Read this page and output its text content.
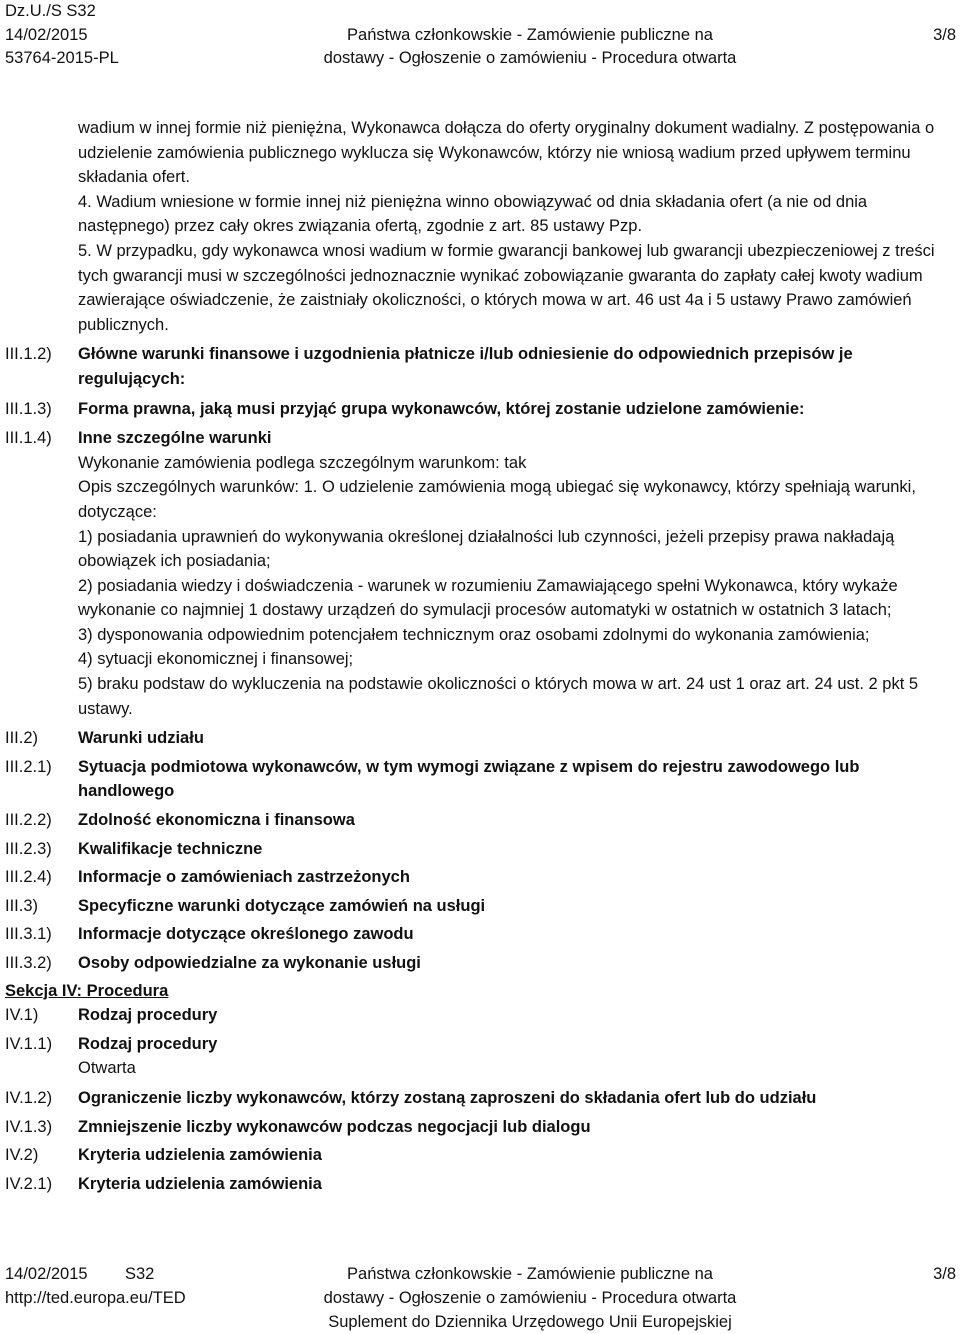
Dz.U./S S32
14/02/2015
53764-2015-PL
Państwa członkowskie - Zamówienie publiczne na
dostawy - Ogłoszenie o zamówieniu - Procedura otwarta
3/8
wadium w innej formie niż pieniężna, Wykonawca dołącza do oferty oryginalny dokument wadialny. Z postępowania o udzielenie zamówienia publicznego wyklucza się Wykonawców, którzy nie wniosą wadium przed upływem terminu składania ofert.
4. Wadium wniesione w formie innej niż pieniężna winno obowiązywać od dnia składania ofert (a nie od dnia następnego) przez cały okres związania ofertą, zgodnie z art. 85 ustawy Pzp.
5. W przypadku, gdy wykonawca wnosi wadium w formie gwarancji bankowej lub gwarancji ubezpieczeniowej z treści tych gwarancji musi w szczególności jednoznacznie wynikać zobowiązanie gwaranta do zapłaty całej kwoty wadium zawierające oświadczenie, że zaistniały okoliczności, o których mowa w art. 46 ust 4a i 5 ustawy Prawo zamówień publicznych.
III.1.2) Główne warunki finansowe i uzgodnienia płatnicze i/lub odniesienie do odpowiednich przepisów je regulujących:
III.1.3) Forma prawna, jaką musi przyjąć grupa wykonawców, której zostanie udzielone zamówienie:
III.1.4) Inne szczególne warunki
Wykonanie zamówienia podlega szczególnym warunkom: tak
Opis szczególnych warunków: 1. O udzielenie zamówienia mogą ubiegać się wykonawcy, którzy spełniają warunki, dotyczące:
1) posiadania uprawnień do wykonywania określonej działalności lub czynności, jeżeli przepisy prawa nakładają obowiązek ich posiadania;
2) posiadania wiedzy i doświadczenia - warunek w rozumieniu Zamawiającego spełni Wykonawca, który wykaże wykonanie co najmniej 1 dostawy urządzeń do symulacji procesów automatyki w ostatnich w ostatnich 3 latach;
3) dysponowania odpowiednim potencjałem technicznym oraz osobami zdolnymi do wykonania zamówienia;
4) sytuacji ekonomicznej i finansowej;
5) braku podstaw do wykluczenia na podstawie okoliczności o których mowa w art. 24 ust 1 oraz art. 24 ust. 2 pkt 5 ustawy.
III.2) Warunki udziału
III.2.1) Sytuacja podmiotowa wykonawców, w tym wymogi związane z wpisem do rejestru zawodowego lub handlowego
III.2.2) Zdolność ekonomiczna i finansowa
III.2.3) Kwalifikacje techniczne
III.2.4) Informacje o zamówieniach zastrzeżonych
III.3) Specyficzne warunki dotyczące zamówień na usługi
III.3.1) Informacje dotyczące określonego zawodu
III.3.2) Osoby odpowiedzialne za wykonanie usługi
Sekcja IV: Procedura
IV.1) Rodzaj procedury
IV.1.1) Rodzaj procedury
Otwarta
IV.1.2) Ograniczenie liczby wykonawców, którzy zostaną zaproszeni do składania ofert lub do udziału
IV.1.3) Zmniejszenie liczby wykonawców podczas negocjacji lub dialogu
IV.2) Kryteria udzielenia zamówienia
IV.2.1) Kryteria udzielenia zamówienia
14/02/2015 S32
http://ted.europa.eu/TED
Państwa członkowskie - Zamówienie publiczne na
dostawy - Ogłoszenie o zamówieniu - Procedura otwarta
Suplement do Dziennika Urzędowego Unii Europejskiej
3/8
